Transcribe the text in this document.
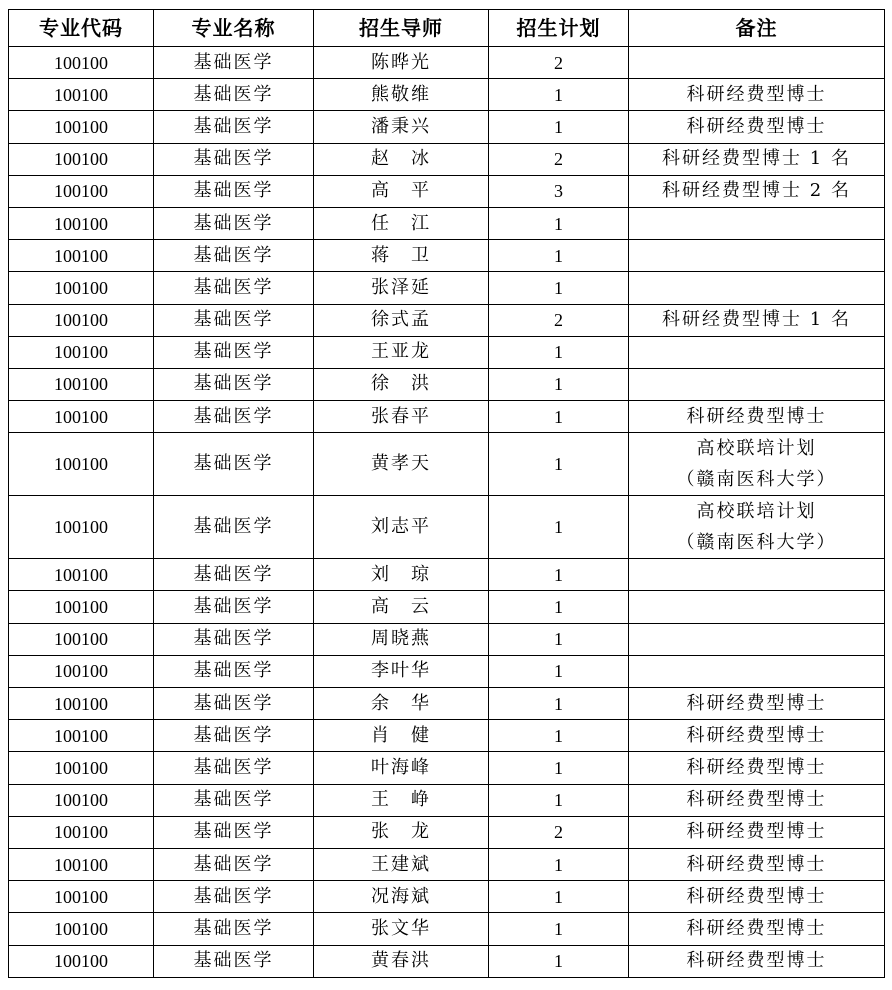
专业代码	专业名称	招生导师	招生计划	备注
100100	基础医学	陈晔光	2	
100100	基础医学	熊敬维	1	科研经费型博士
100100	基础医学	潘秉兴	1	科研经费型博士
100100	基础医学	赵　冰	2	科研经费型博士 1 名
100100	基础医学	高　平	3	科研经费型博士 2 名
100100	基础医学	任　江	1	
100100	基础医学	蒋　卫	1	
100100	基础医学	张泽延	1	
100100	基础医学	徐式孟	2	科研经费型博士 1 名
100100	基础医学	王亚龙	1	
100100	基础医学	徐　洪	1	
100100	基础医学	张春平	1	科研经费型博士
100100	基础医学	黄孝天	1	高校联培计划
（赣南医科大学）

100100	基础医学	刘志平	1	高校联培计划
（赣南医科大学）

100100	基础医学	刘　琼	1	
100100	基础医学	高　云	1	
100100	基础医学	周晓燕	1	
100100	基础医学	李叶华	1	
100100	基础医学	余　华	1	科研经费型博士
100100	基础医学	肖　健	1	科研经费型博士
100100	基础医学	叶海峰	1	科研经费型博士
100100	基础医学	王　峥	1	科研经费型博士
100100	基础医学	张　龙	2	科研经费型博士
100100	基础医学	王建斌	1	科研经费型博士
100100	基础医学	况海斌	1	科研经费型博士
100100	基础医学	张文华	1	科研经费型博士
100100	基础医学	黄春洪	1	科研经费型博士
